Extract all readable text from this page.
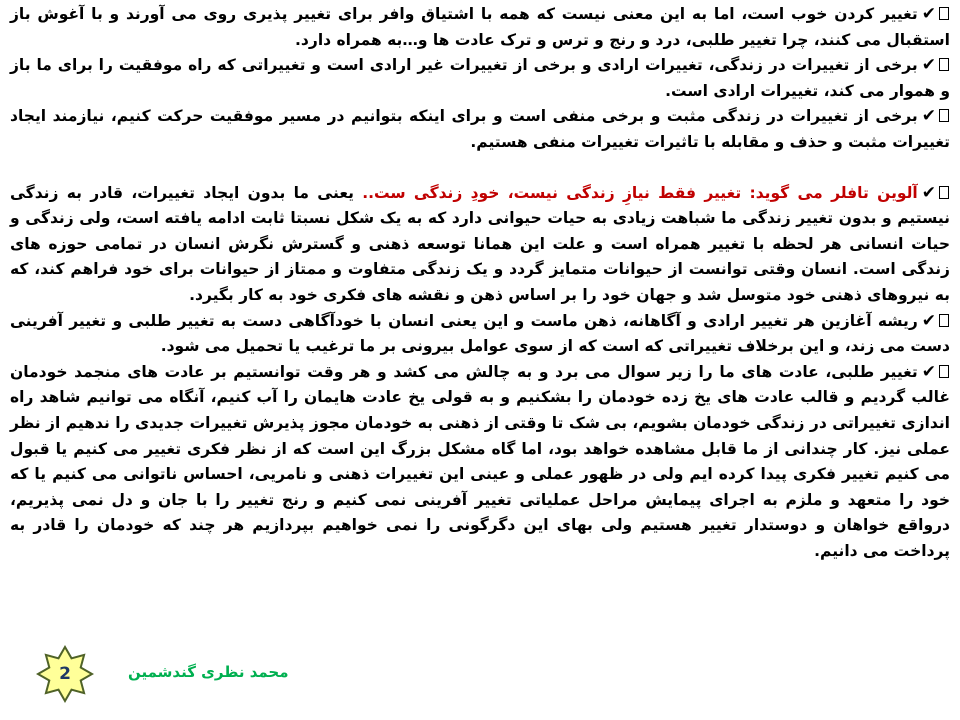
✔تغییر کردن خوب است، اما به این معنی نیست که همه با اشتیاق وافر برای تغییر پذیری روی می آورند و با آغوش باز استقبال می کنند، چرا تغییر طلبی، درد و رنج و ترس و ترک عادت ها و…به همراه دارد.

✔برخی از تغییرات در زندگی، تغییرات ارادی و برخی از تغییرات غیر ارادی است و تغییراتی که راه موفقیت را برای ما باز و هموار می کند، تغییرات ارادی است.

✔برخی از تغییرات در زندگی مثبت و برخی منفی است و برای اینکه بتوانیم در مسیر موفقیت حرکت کنیم، نیازمند ایجاد تغییرات مثبت و حذف و مقابله با تاثیرات تغییرات منفی هستیم.

✔آلوین تافلر می گوید: تغییر فقط نیازِ زندگی نیست، خودِ زندگی ست.. یعنی ما بدون ایجاد تغییرات، قادر به زندگی نیستیم و بدون تغییر زندگی ما شباهت زیادی به حیات حیوانی دارد که به یک شکل نسبتا ثابت ادامه یافته است، ولی زندگی و حیات انسانی هر لحظه با تغییر همراه است و علت این همانا توسعه ذهنی و گسترش نگرش انسان در تمامی حوزه های زندگی است. انسان وقتی توانست از حیوانات متمایز گردد و یک زندگی متفاوت و ممتاز از حیوانات برای خود فراهم کند، که به نیروهای ذهنی خود متوسل شد و جهان خود را بر اساس ذهن و نقشه های فکری خود به کار بگیرد.

✔ریشه آغازین هر تغییر ارادی و آگاهانه، ذهن ماست و این یعنی انسان با خودآگاهی دست به تغییر طلبی و تغییر آفرینی دست می زند، و این برخلاف تغییراتی که است که از سوی عوامل بیرونی بر ما ترغیب یا تحمیل می شود.

✔تغییر طلبی، عادت های ما را زیر سوال می برد و به چالش می کشد و هر وقت توانستیم بر عادت های منجمد خودمان غالب گردیم و قالب عادت های یخ زده خودمان را بشکنیم و به قولی یخ عادت هایمان را آب کنیم، آنگاه می توانیم شاهد راه اندازی تغییراتی در زندگی خودمان بشویم، بی شک تا وقتی از ذهنی به خودمان مجوز پذیرش تغییرات جدیدی را ندهیم از نظر عملی نیز. کار چندانی از ما قابل مشاهده خواهد بود، اما گاه مشکل بزرگ این است که از نظر فکری تغییر می کنیم یا قبول می کنیم تغییر فکری پیدا کرده ایم ولی در ظهور عملی و عینی این تغییرات ذهنی و نامریی، احساس ناتوانی می کنیم یا که خود را متعهد و ملزم به اجرای پیمایش مراحل عملیاتی تغییر آفرینی نمی کنیم و رنج تغییر را با جان و دل نمی پذیریم، درواقع خواهان و دوستدار تغییر هستیم ولی بهای این دگرگونی را نمی خواهیم بپردازیم هر چند که خودمان را قادر به پرداخت می دانیم.

2	محمد نظری گندشمین
